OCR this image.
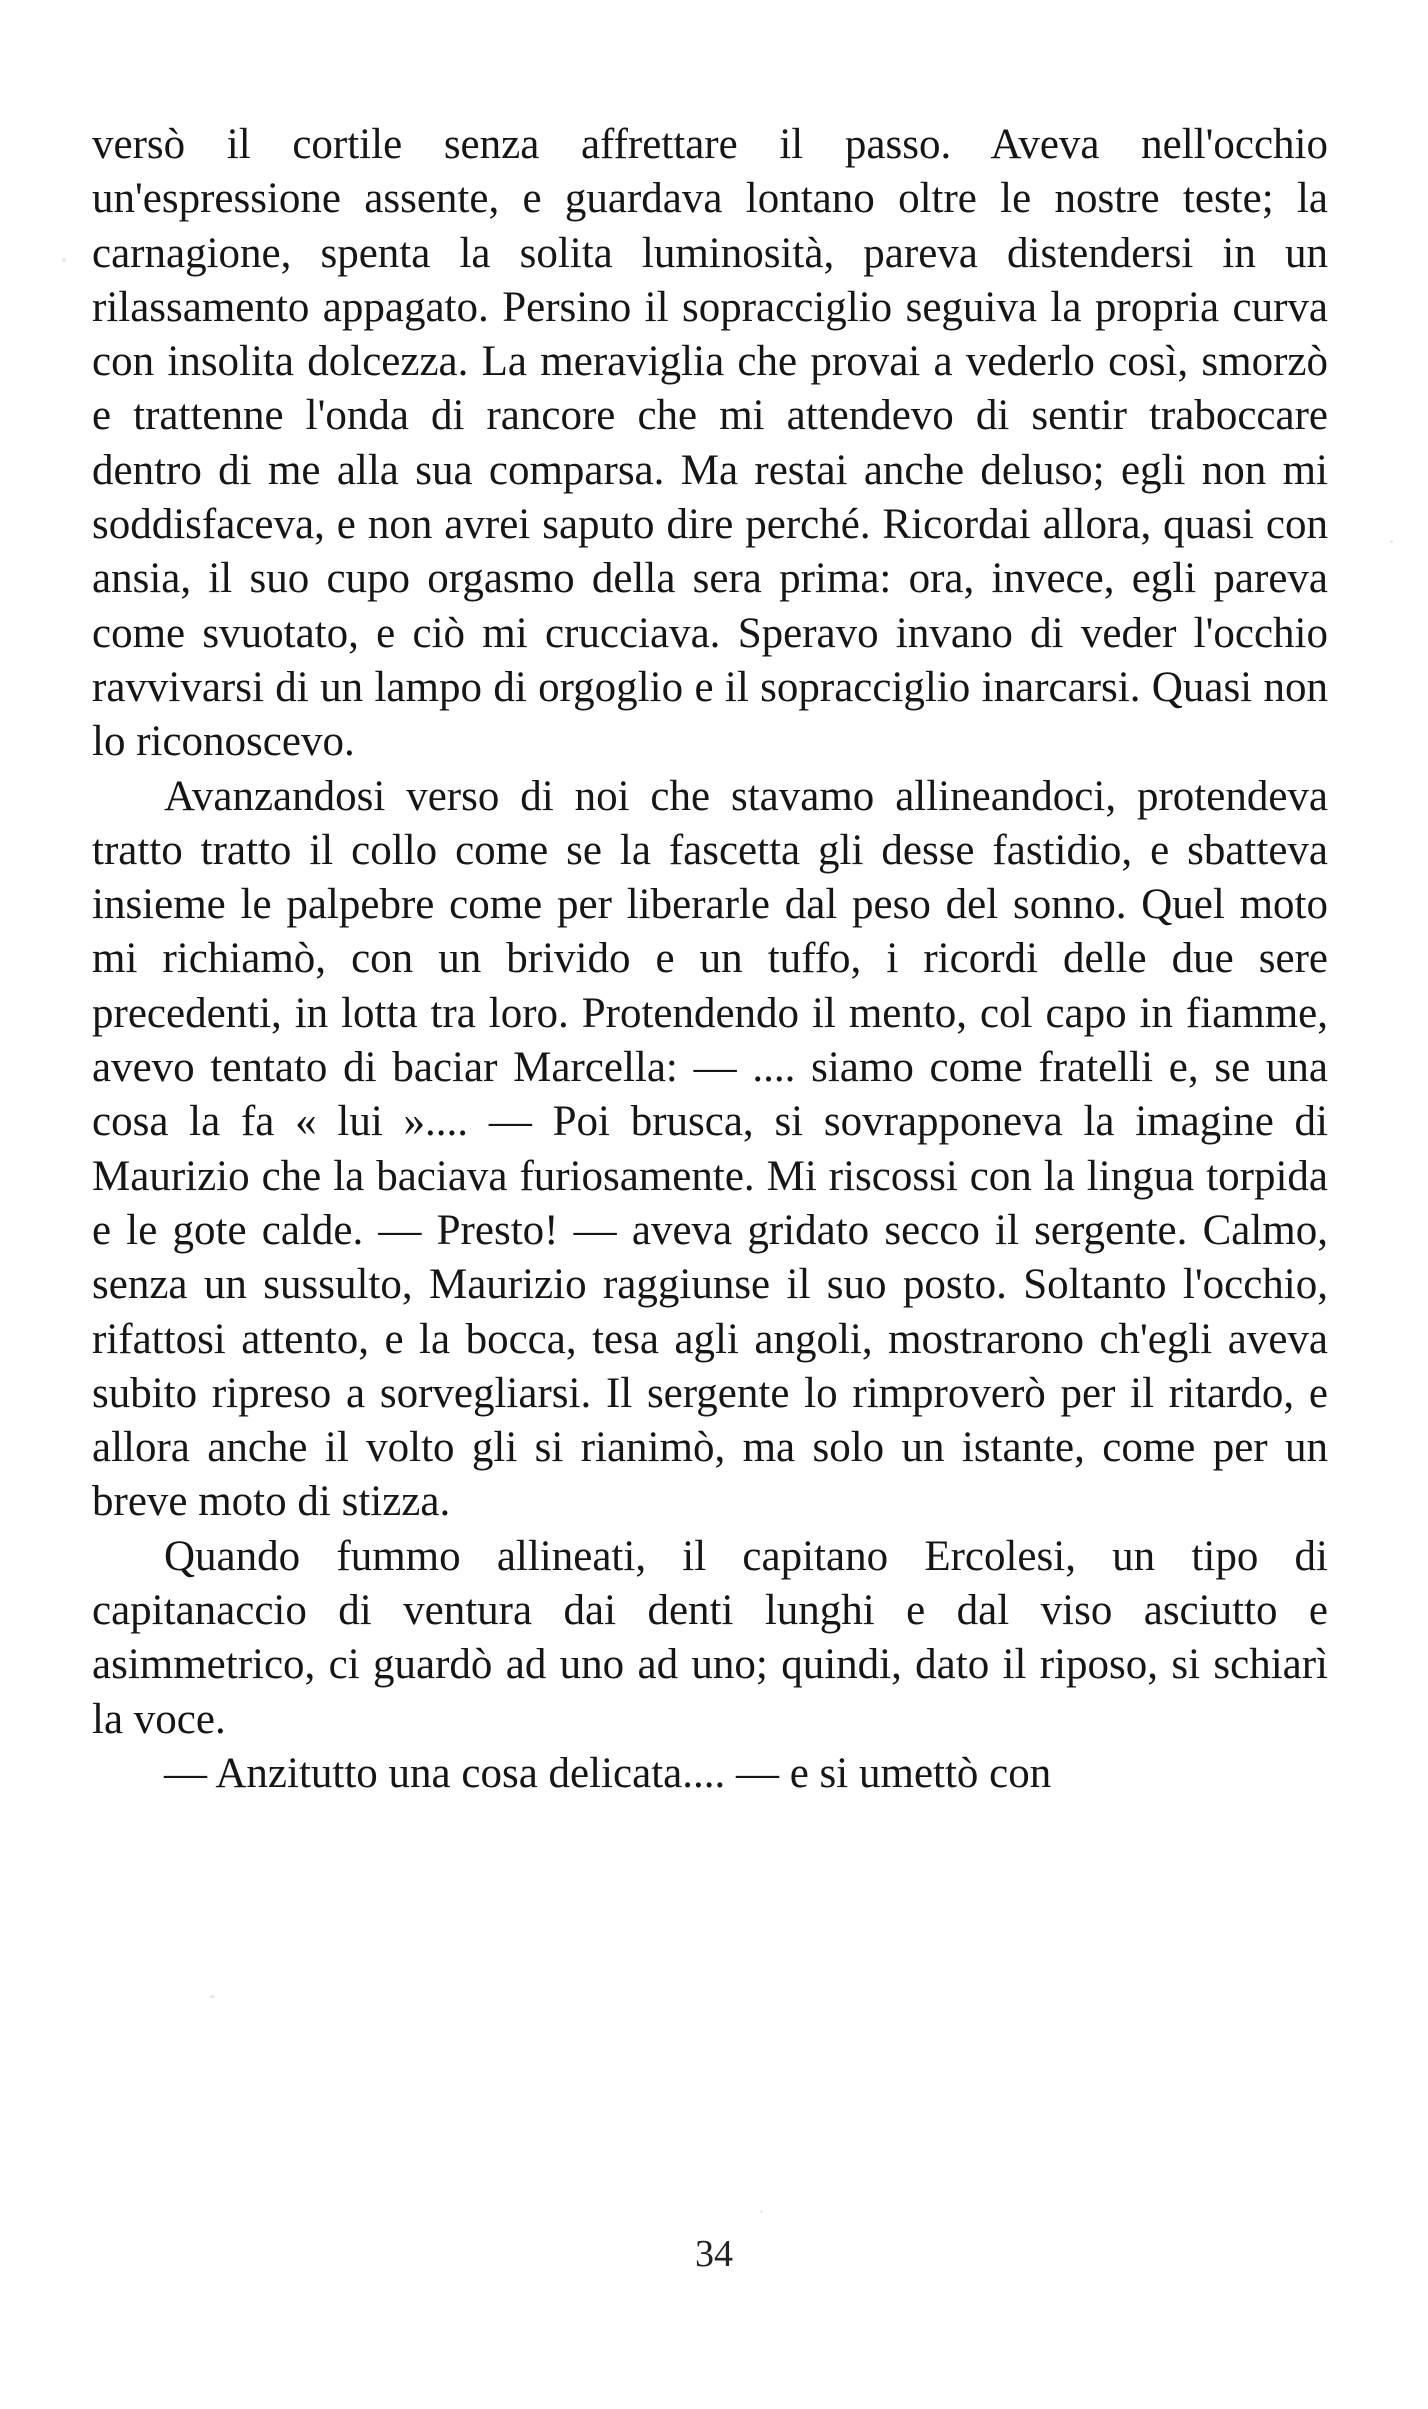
versò il cortile senza affrettare il passo. Aveva nell'occhio un'espressione assente, e guardava lontano oltre le nostre teste; la carnagione, spenta la solita luminosità, pareva distendersi in un rilassamento appagato. Persino il sopracciglio seguiva la propria curva con insolita dolcezza. La meraviglia che provai a vederlo così, smorzò e trattenne l'onda di rancore che mi attendevo di sentir traboccare dentro di me alla sua comparsa. Ma restai anche deluso; egli non mi soddisfaceva, e non avrei saputo dire perché. Ricordai allora, quasi con ansia, il suo cupo orgasmo della sera prima: ora, invece, egli pareva come svuotato, e ciò mi crucciava. Speravo invano di veder l'occhio ravvivarsi di un lampo di orgoglio e il sopracciglio inarcarsi. Quasi non lo riconoscevo.

Avanzandosi verso di noi che stavamo allineandoci, protendeva tratto tratto il collo come se la fascetta gli desse fastidio, e sbatteva insieme le palpebre come per liberarle dal peso del sonno. Quel moto mi richiamò, con un brivido e un tuffo, i ricordi delle due sere precedenti, in lotta tra loro. Protendendo il mento, col capo in fiamme, avevo tentato di baciar Marcella: — .... siamo come fratelli e, se una cosa la fa « lui ».... — Poi brusca, si sovrapponeva la imagine di Maurizio che la baciava furiosamente. Mi riscossi con la lingua torpida e le gote calde. — Presto! — aveva gridato secco il sergente. Calmo, senza un sussulto, Maurizio raggiunse il suo posto. Soltanto l'occhio, rifattosi attento, e la bocca, tesa agli angoli, mostrarono ch'egli aveva subito ripreso a sorvegliarsi. Il sergente lo rimproverò per il ritardo, e allora anche il volto gli si rianimò, ma solo un istante, come per un breve moto di stizza.

Quando fummo allineati, il capitano Ercolesi, un tipo di capitanaccio di ventura dai denti lunghi e dal viso asciutto e asimmetrico, ci guardò ad uno ad uno; quindi, dato il riposo, si schiarì la voce.

— Anzitutto una cosa delicata.... — e si umettò con

34
